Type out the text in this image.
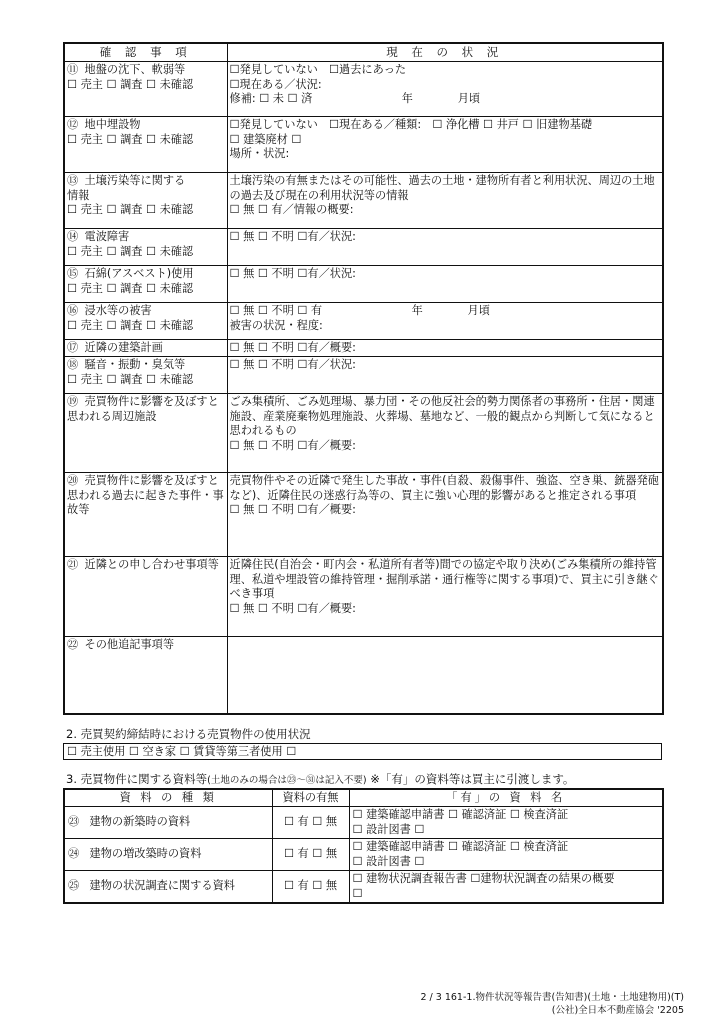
確 認 事 項	現 在 の 状 況

⑪ 地盤の沈下、軟弱等
☐ 売主 ☐ 調査 ☐ 未確認	☐発見していない　☐過去にあった
☐現在ある／状況:
修補: ☐ 未 ☐ 済　　　　　　　　年　　　　月頃

⑫ 地中埋設物
☐ 売主 ☐ 調査 ☐ 未確認	☐発見していない　☐現在ある／種類:　☐ 浄化槽 ☐ 井戸 ☐ 旧建物基礎
☐ 建築廃材 ☐
場所・状況:

⑬ 土壌汚染等に関する
情報
☐ 売主 ☐ 調査 ☐ 未確認	土壌汚染の有無またはその可能性、過去の土地・建物所有者と利用状況、周辺の土地の過去及び現在の利用状況等の情報
☐ 無 ☐ 有／情報の概要:

⑭ 電波障害
☐ 売主 ☐ 調査 ☐ 未確認	☐ 無 ☐ 不明 ☐有／状況:

⑮ 石綿(アスベスト)使用
☐ 売主 ☐ 調査 ☐ 未確認	☐ 無 ☐ 不明 ☐有／状況:

⑯ 浸水等の被害
☐ 売主 ☐ 調査 ☐ 未確認	☐ 無 ☐ 不明 ☐ 有　　　　　　　　年　　　　月頃
被害の状況・程度:

⑰ 近隣の建築計画	☐ 無 ☐ 不明 ☐有／概要:

⑱ 騒音・振動・臭気等
☐ 売主 ☐ 調査 ☐ 未確認	☐ 無 ☐ 不明 ☐有／状況:

⑲ 売買物件に影響を及ぼすと思われる周辺施設	ごみ集積所、ごみ処理場、暴力団・その他反社会的勢力関係者の事務所・住居・関連施設、産業廃棄物処理施設、火葬場、墓地など、一般的観点から判断して気になると思われるもの
☐ 無 ☐ 不明 ☐有／概要:

⑳ 売買物件に影響を及ぼすと思われる過去に起きた事件・事故等	売買物件やその近隣で発生した事故・事件(自殺、殺傷事件、強盗、空き巣、銃器発砲など)、近隣住民の迷惑行為等の、買主に強い心理的影響があると推定される事項
☐ 無 ☐ 不明 ☐有／概要:

㉑ 近隣との申し合わせ事項等	近隣住民(自治会・町内会・私道所有者等)間での協定や取り決め(ごみ集積所の維持管理、私道や埋設管の維持管理・掘削承諾・通行権等に関する事項)で、買主に引き継ぐべき事項
☐ 無 ☐ 不明 ☐有／概要:

㉒ その他追記事項等	

2. 売買契約締結時における売買物件の使用状況
☐ 売主使用 ☐ 空き家 ☐ 賃貸等第三者使用 ☐
3. 売買物件に関する資料等(土地のみの場合は㉓～㉛は記入不要) ※「有」の資料等は買主に引渡します。
資 料 の 種 類	資料の有無	「有」の 資 料 名
㉓ 建物の新築時の資料	☐ 有 ☐ 無	☐ 建築確認申請書 ☐ 確認済証 ☐ 検査済証
☐ 設計図書 ☐

㉔ 建物の増改築時の資料	☐ 有 ☐ 無	☐ 建築確認申請書 ☐ 確認済証 ☐ 検査済証
☐ 設計図書 ☐

㉕ 建物の状況調査に関する資料	☐ 有 ☐ 無	☐ 建物状況調査報告書 ☐建物状況調査の結果の概要
☐
2 / 3 161-1.物件状況等報告書(告知書)(土地・土地建物用)(T)
(公社)全日本不動産協会 '2205
